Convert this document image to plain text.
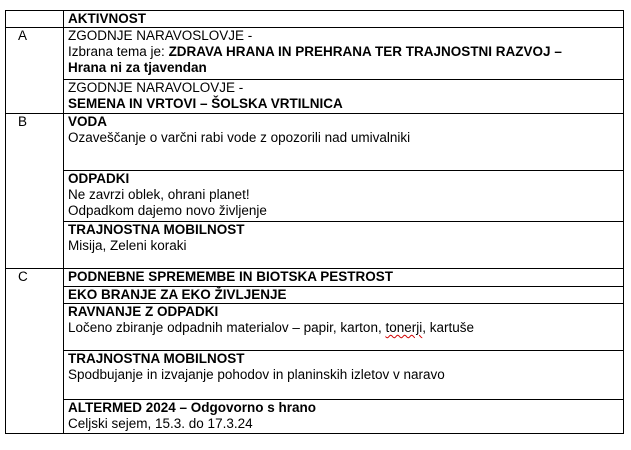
	AKTIVNOST
A	ZGODNJE NARAVOSLOVJE -
Izbrana tema je: ZDRAVA HRANA IN PREHRANA TER TRAJNOSTNI RAZVOJ –
Hrana ni za tjavendan

	ZGODNJE NARAVOLOVJE -
SEMENA IN VRTOVI – ŠOLSKA VRTILNICA

B	VODA
Ozaveščanje o varčni rabi vode z opozorili nad umivalniki

	ODPADKI
Ne zavrzi oblek, ohrani planet!
Odpadkom dajemo novo življenje

	TRAJNOSTNA MOBILNOST
Misija, Zeleni koraki

C	PODNEBNE SPREMEMBE IN BIOTSKA PESTROST

	EKO BRANJE ZA EKO ŽIVLJENJE

	RAVNANJE Z ODPADKI
Ločeno zbiranje odpadnih materialov – papir, karton, tonerji, kartuše

	TRAJNOSTNA MOBILNOST
Spodbujanje in izvajanje pohodov in planinskih izletov v naravo

	ALTERMED 2024 – Odgovorno s hrano
Celjski sejem, 15.3. do 17.3.24
